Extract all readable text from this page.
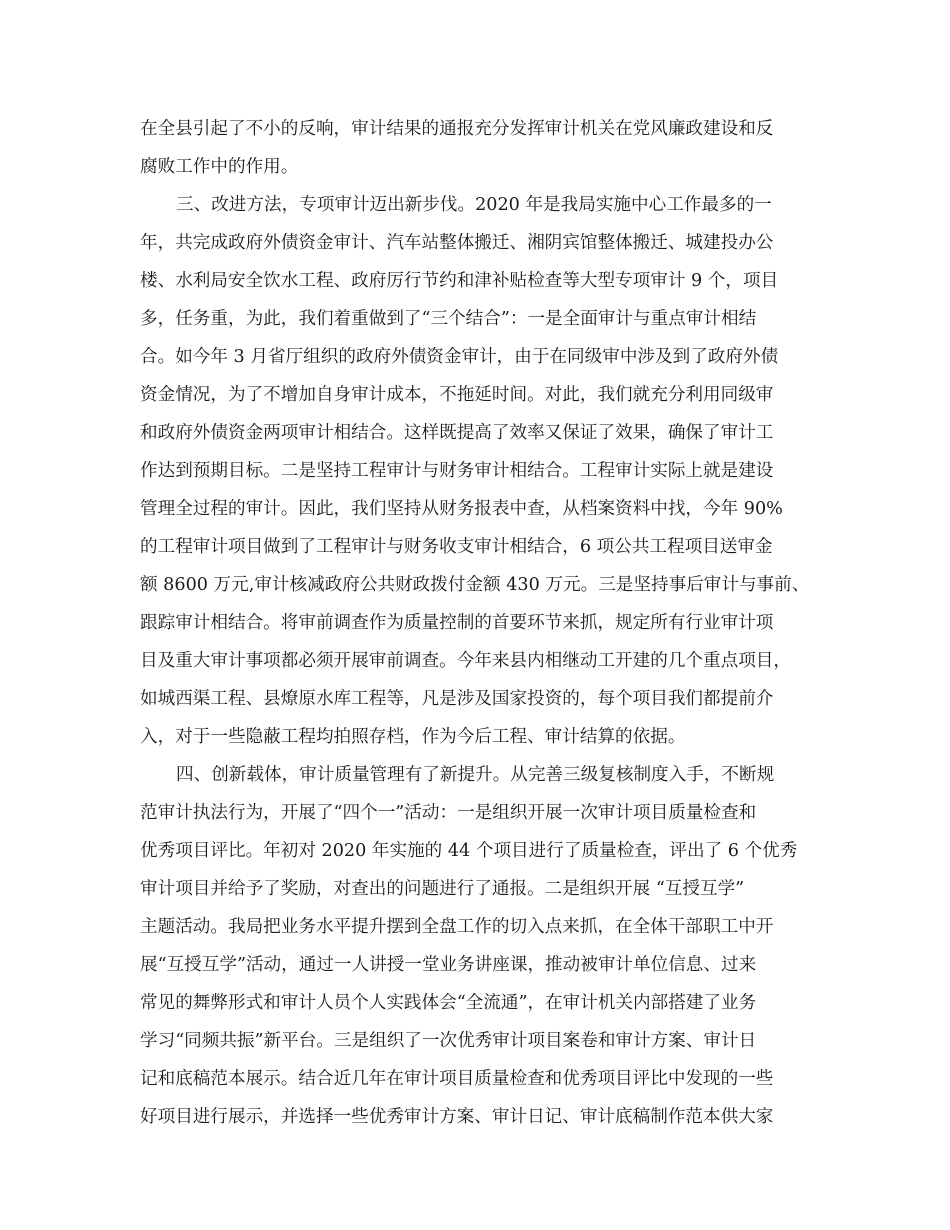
在全县引起了不小的反响，审计结果的通报充分发挥审计机关在党风廉政建设和反

腐败工作中的作用。

三、改进方法，专项审计迈出新步伐。2020 年是我局实施中心工作最多的一

年，共完成政府外债资金审计、汽车站整体搬迁、湘阴宾馆整体搬迁、城建投办公

楼、水利局安全饮水工程、政府厉行节约和津补贴检查等大型专项审计 9 个，项目

多，任务重，为此，我们着重做到了“三个结合”：一是全面审计与重点审计相结

合。如今年 3 月省厅组织的政府外债资金审计，由于在同级审中涉及到了政府外债

资金情况，为了不增加自身审计成本，不拖延时间。对此，我们就充分利用同级审

和政府外债资金两项审计相结合。这样既提高了效率又保证了效果，确保了审计工

作达到预期目标。二是坚持工程审计与财务审计相结合。工程审计实际上就是建设

管理全过程的审计。因此，我们坚持从财务报表中查，从档案资料中找，今年 90%

的工程审计项目做到了工程审计与财务收支审计相结合，6 项公共工程项目送审金

额 8600 万元,审计核减政府公共财政拨付金额 430 万元。三是坚持事后审计与事前、

跟踪审计相结合。将审前调查作为质量控制的首要环节来抓，规定所有行业审计项

目及重大审计事项都必须开展审前调查。今年来县内相继动工开建的几个重点项目，

如城西渠工程、县燎原水库工程等，凡是涉及国家投资的，每个项目我们都提前介

入，对于一些隐蔽工程均拍照存档，作为今后工程、审计结算的依据。

四、创新载体，审计质量管理有了新提升。从完善三级复核制度入手，不断规

范审计执法行为，开展了“四个一”活动：一是组织开展一次审计项目质量检查和

优秀项目评比。年初对 2020 年实施的 44 个项目进行了质量检查，评出了 6 个优秀

审计项目并给予了奖励，对查出的问题进行了通报。二是组织开展 “互授互学”

主题活动。我局把业务水平提升摆到全盘工作的切入点来抓，在全体干部职工中开

展“互授互学”活动，通过一人讲授一堂业务讲座课，推动被审计单位信息、过来

常见的舞弊形式和审计人员个人实践体会“全流通”，在审计机关内部搭建了业务

学习“同频共振”新平台。三是组织了一次优秀审计项目案卷和审计方案、审计日

记和底稿范本展示。结合近几年在审计项目质量检查和优秀项目评比中发现的一些

好项目进行展示，并选择一些优秀审计方案、审计日记、审计底稿制作范本供大家
